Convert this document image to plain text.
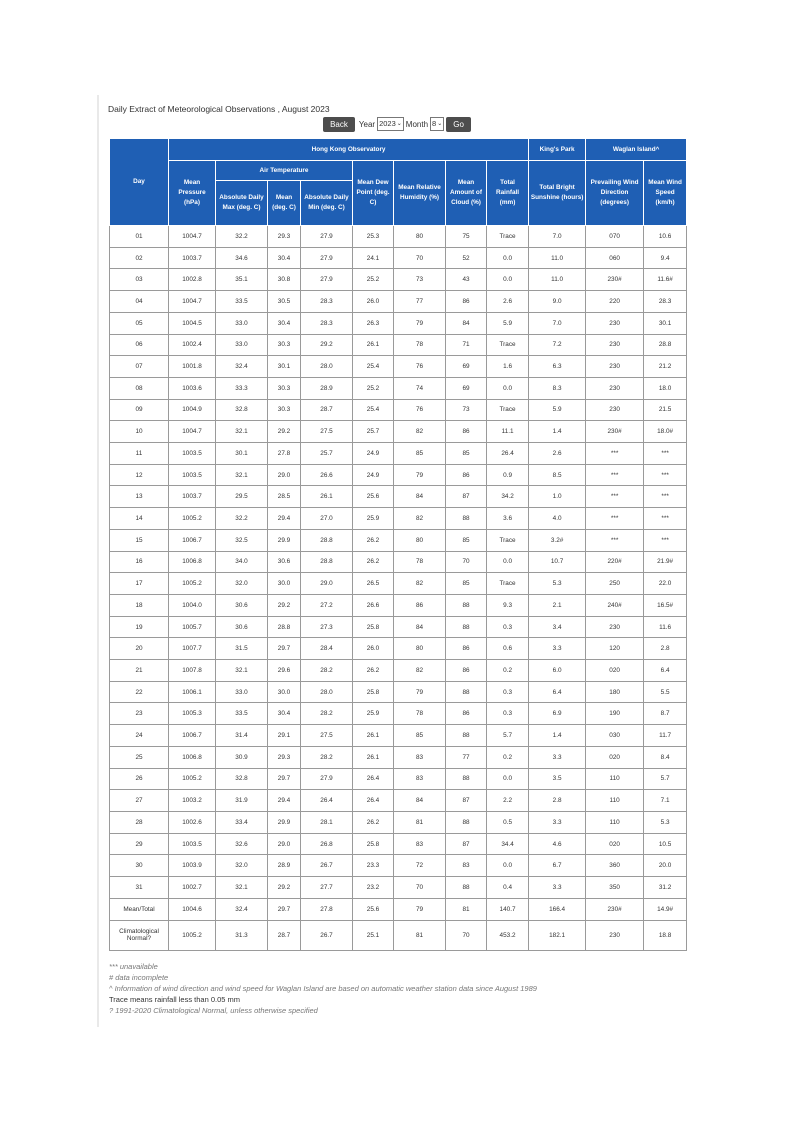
Daily Extract of Meteorological Observations , August 2023
Back	Year 2023 ⌄ Month 8 ⌄	Go
Day	Hong Kong Observatory								King's Park	Waglan Island^	
	Mean Pressure (hPa)	Air Temperature			Mean Dew Point (deg. C)	Mean Relative Humidity (%)	Mean Amount of Cloud (%)	Total Rainfall (mm)	Total Bright Sunshine (hours)	Prevailing Wind Direction (degrees)	Mean Wind Speed (km/h)
		Absolute Daily Max (deg. C)	Mean (deg. C)	Absolute Daily Min (deg. C)							
01	1004.7	32.2	29.3	27.9	25.3	80	75	Trace	7.0	070	10.6
02	1003.7	34.6	30.4	27.9	24.1	70	52	0.0	11.0	060	9.4
03	1002.8	35.1	30.8	27.9	25.2	73	43	0.0	11.0	230#	11.6#
04	1004.7	33.5	30.5	28.3	26.0	77	86	2.6	9.0	220	28.3
05	1004.5	33.0	30.4	28.3	26.3	79	84	5.9	7.0	230	30.1
06	1002.4	33.0	30.3	29.2	26.1	78	71	Trace	7.2	230	28.8
07	1001.8	32.4	30.1	28.0	25.4	76	69	1.6	6.3	230	21.2
08	1003.6	33.3	30.3	28.9	25.2	74	69	0.0	8.3	230	18.0
09	1004.9	32.8	30.3	28.7	25.4	76	73	Trace	5.9	230	21.5
10	1004.7	32.1	29.2	27.5	25.7	82	86	11.1	1.4	230#	18.0#
11	1003.5	30.1	27.8	25.7	24.9	85	85	26.4	2.6	***	***
12	1003.5	32.1	29.0	26.6	24.9	79	86	0.9	8.5	***	***
13	1003.7	29.5	28.5	26.1	25.6	84	87	34.2	1.0	***	***
14	1005.2	32.2	29.4	27.0	25.9	82	88	3.6	4.0	***	***
15	1006.7	32.5	29.9	28.8	26.2	80	85	Trace	3.2#	***	***
16	1006.8	34.0	30.6	28.8	26.2	78	70	0.0	10.7	220#	21.9#
17	1005.2	32.0	30.0	29.0	26.5	82	85	Trace	5.3	250	22.0
18	1004.0	30.6	29.2	27.2	26.6	86	88	9.3	2.1	240#	16.5#
19	1005.7	30.6	28.8	27.3	25.8	84	88	0.3	3.4	230	11.6
20	1007.7	31.5	29.7	28.4	26.0	80	86	0.6	3.3	120	2.8
21	1007.8	32.1	29.6	28.2	26.2	82	86	0.2	6.0	020	6.4
22	1006.1	33.0	30.0	28.0	25.8	79	88	0.3	6.4	180	5.5
23	1005.3	33.5	30.4	28.2	25.9	78	86	0.3	6.9	190	8.7
24	1006.7	31.4	29.1	27.5	26.1	85	88	5.7	1.4	030	11.7
25	1006.8	30.9	29.3	28.2	26.1	83	77	0.2	3.3	020	8.4
26	1005.2	32.8	29.7	27.9	26.4	83	88	0.0	3.5	110	5.7
27	1003.2	31.9	29.4	26.4	26.4	84	87	2.2	2.8	110	7.1
28	1002.6	33.4	29.9	28.1	26.2	81	88	0.5	3.3	110	5.3
29	1003.5	32.6	29.0	26.8	25.8	83	87	34.4	4.6	020	10.5
30	1003.9	32.0	28.9	26.7	23.3	72	83	0.0	6.7	360	20.0
31	1002.7	32.1	29.2	27.7	23.2	70	88	0.4	3.3	350	31.2
Mean/Total	1004.6	32.4	29.7	27.8	25.6	79	81	140.7	166.4	230#	14.9#
Climatological Normal?	1005.2	31.3	28.7	26.7	25.1	81	70	453.2	182.1	230	18.8
*** unavailable
# data incomplete
^ Information of wind direction and wind speed for Waglan Island are based on automatic weather station data since August 1989
Trace means rainfall less than 0.05 mm
? 1991-2020 Climatological Normal, unless otherwise specified
